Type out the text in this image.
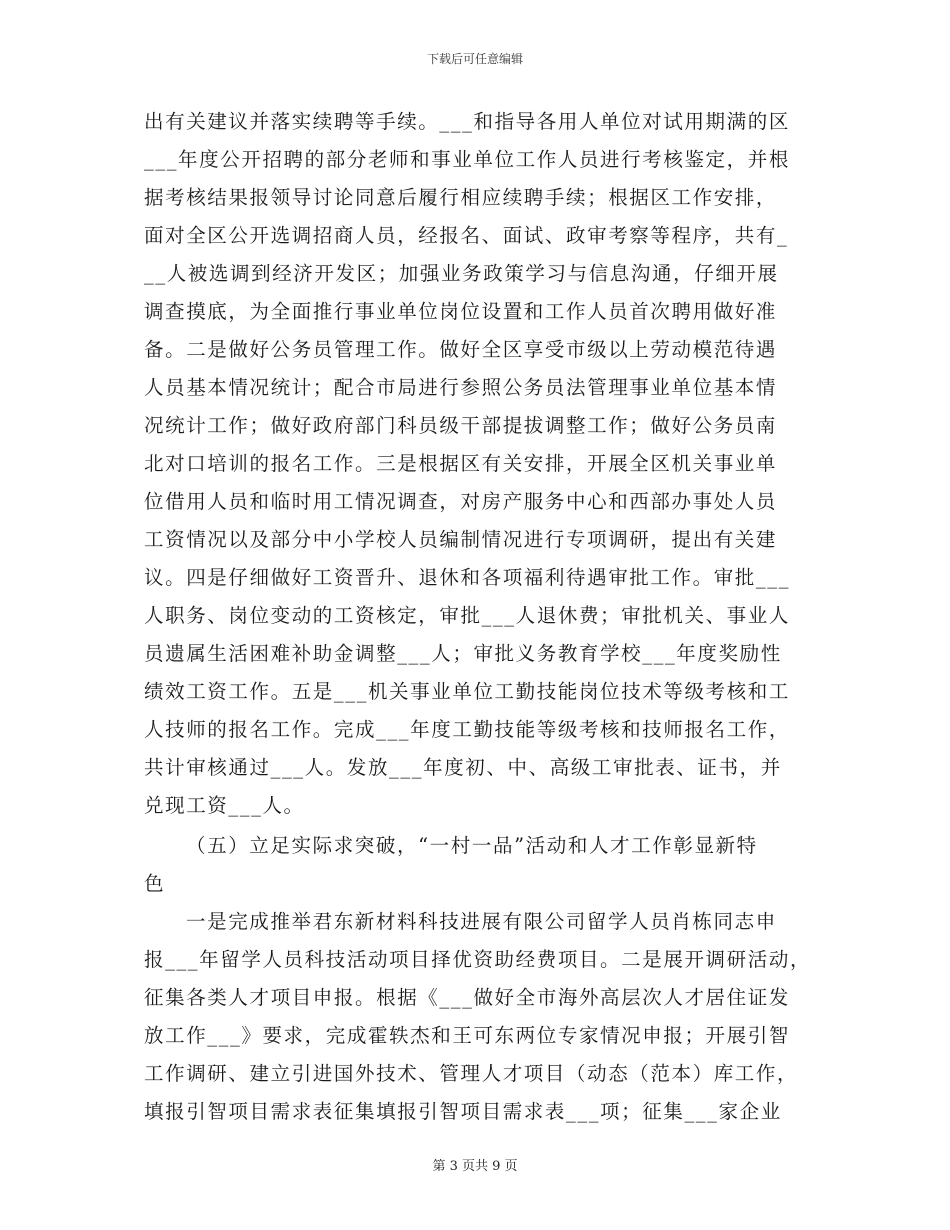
下载后可任意编辑
出有关建议并落实续聘等手续。___和指导各用人单位对试用期满的区
___年度公开招聘的部分老师和事业单位工作人员进行考核鉴定，并根
据考核结果报领导讨论同意后履行相应续聘手续；根据区工作安排，
面对全区公开选调招商人员，经报名、面试、政审考察等程序，共有_
__人被选调到经济开发区；加强业务政策学习与信息沟通，仔细开展
调查摸底，为全面推行事业单位岗位设置和工作人员首次聘用做好准
备。二是做好公务员管理工作。做好全区享受市级以上劳动模范待遇
人员基本情况统计；配合市局进行参照公务员法管理事业单位基本情
况统计工作；做好政府部门科员级干部提拔调整工作；做好公务员南
北对口培训的报名工作。三是根据区有关安排，开展全区机关事业单
位借用人员和临时用工情况调查，对房产服务中心和西部办事处人员
工资情况以及部分中小学校人员编制情况进行专项调研，提出有关建
议。四是仔细做好工资晋升、退休和各项福利待遇审批工作。审批___
人职务、岗位变动的工资核定，审批___人退休费；审批机关、事业人
员遗属生活困难补助金调整___人；审批义务教育学校___年度奖励性
绩效工资工作。五是___机关事业单位工勤技能岗位技术等级考核和工
人技师的报名工作。完成___年度工勤技能等级考核和技师报名工作，
共计审核通过___人。发放___年度初、中、高级工审批表、证书，并
兑现工资___人。
（五）立足实际求突破，“一村一品”活动和人才工作彰显新特
色
一是完成推举君东新材料科技进展有限公司留学人员肖栋同志申
报___年留学人员科技活动项目择优资助经费项目。二是展开调研活动，
征集各类人才项目申报。根据《___做好全市海外高层次人才居住证发
放工作___》要求，完成霍轶杰和王可东两位专家情况申报；开展引智
工作调研、建立引进国外技术、管理人才项目（动态（范本）库工作，
填报引智项目需求表征集填报引智项目需求表___项；征集___家企业
第 3 页共 9 页
